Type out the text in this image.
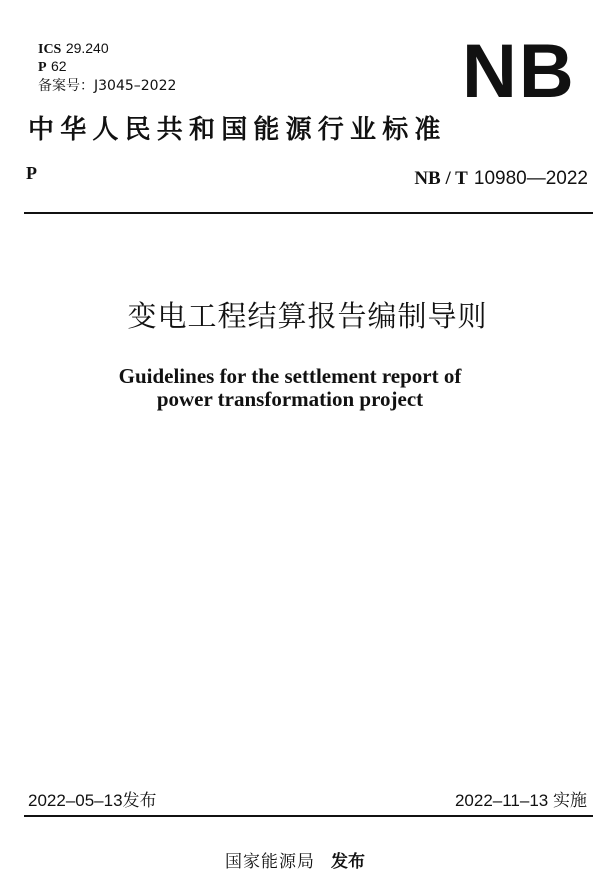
ICS 29.240
P 62
备案号：J3045–2022	NB
中华人民共和国能源行业标准
P	NB / T 10980—2022
变电工程结算报告编制导则
Guidelines for the settlement report of
power transformation project
2022–05–13发布	2022–11–13 实施
国家能源局 发布
